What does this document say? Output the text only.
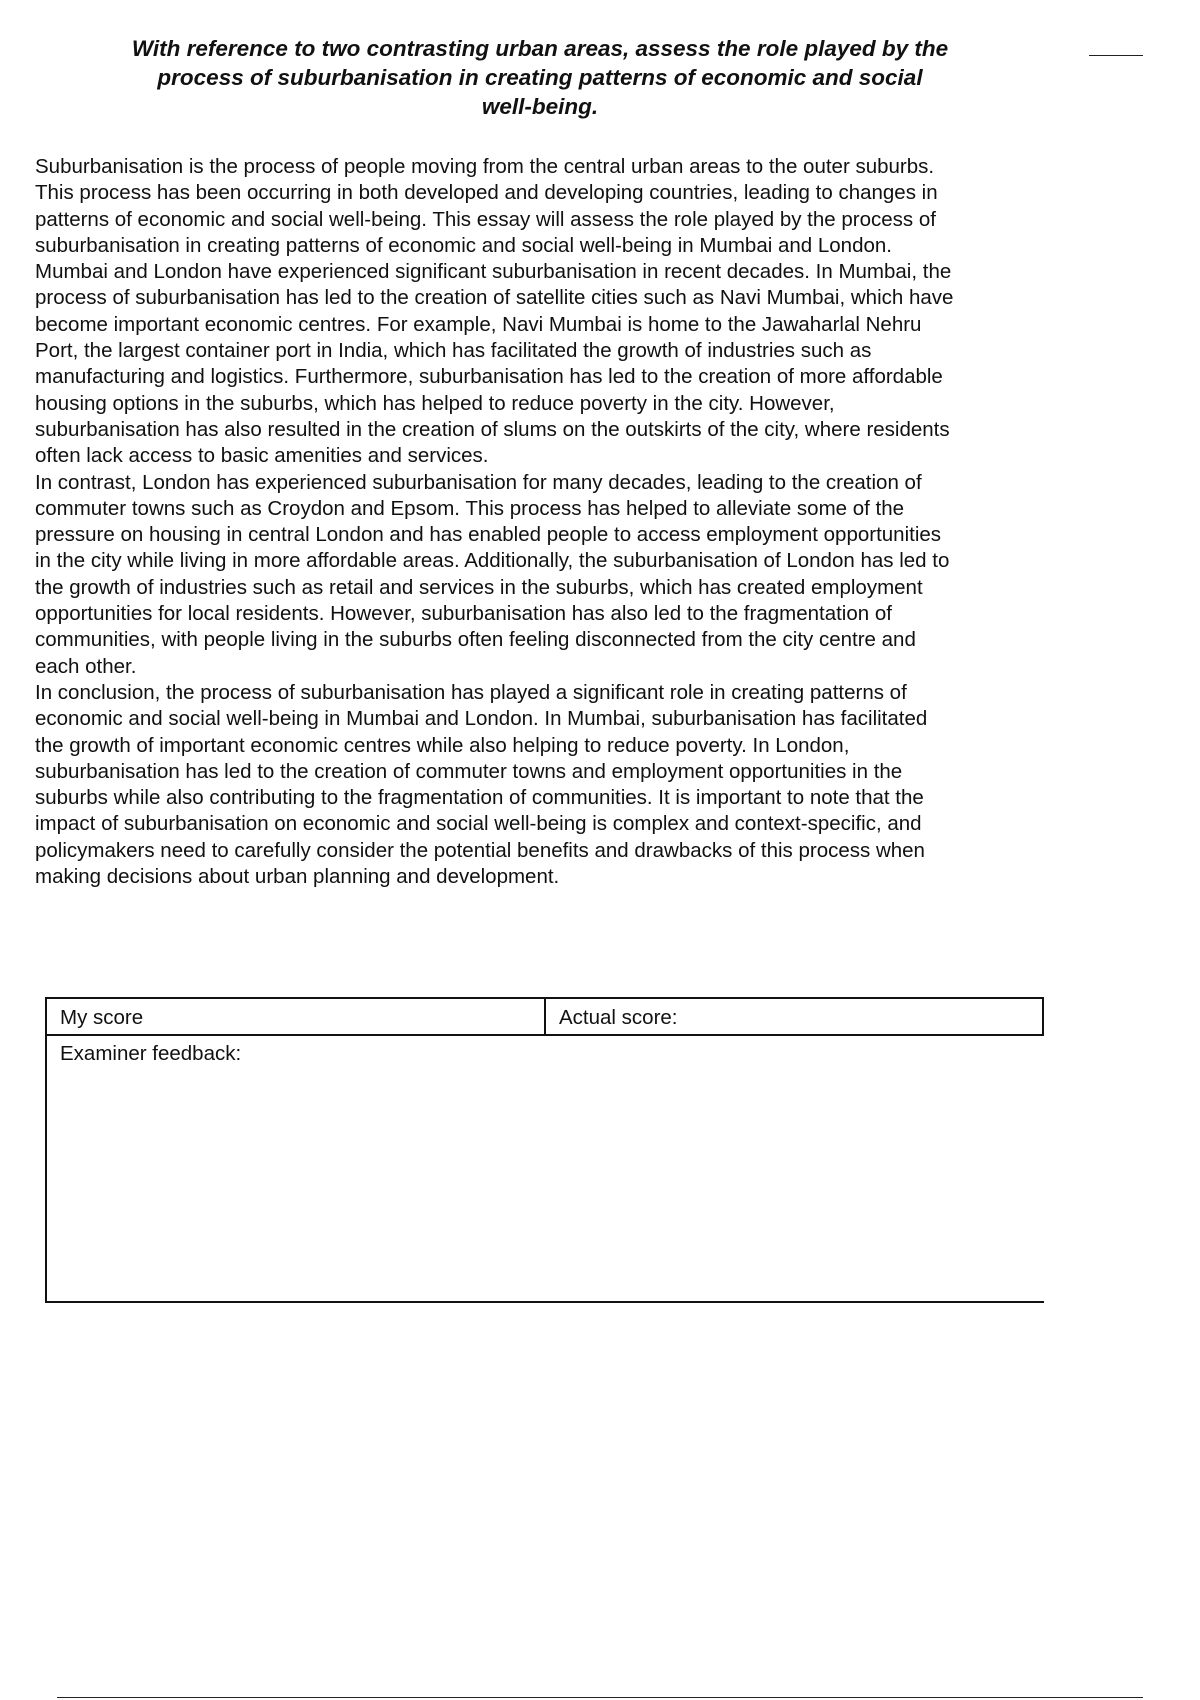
With reference to two contrasting urban areas, assess the role played by the process of suburbanisation in creating patterns of economic and social well-being.

Suburbanisation is the process of people moving from the central urban areas to the outer suburbs. This process has been occurring in both developed and developing countries, leading to changes in patterns of economic and social well-being. This essay will assess the role played by the process of suburbanisation in creating patterns of economic and social well-being in Mumbai and London.

Mumbai and London have experienced significant suburbanisation in recent decades. In Mumbai, the process of suburbanisation has led to the creation of satellite cities such as Navi Mumbai, which have become important economic centres. For example, Navi Mumbai is home to the Jawaharlal Nehru Port, the largest container port in India, which has facilitated the growth of industries such as manufacturing and logistics. Furthermore, suburbanisation has led to the creation of more affordable housing options in the suburbs, which has helped to reduce poverty in the city. However, suburbanisation has also resulted in the creation of slums on the outskirts of the city, where residents often lack access to basic amenities and services.

In contrast, London has experienced suburbanisation for many decades, leading to the creation of commuter towns such as Croydon and Epsom. This process has helped to alleviate some of the pressure on housing in central London and has enabled people to access employment opportunities in the city while living in more affordable areas. Additionally, the suburbanisation of London has led to the growth of industries such as retail and services in the suburbs, which has created employment opportunities for local residents. However, suburbanisation has also led to the fragmentation of communities, with people living in the suburbs often feeling disconnected from the city centre and each other.

In conclusion, the process of suburbanisation has played a significant role in creating patterns of economic and social well-being in Mumbai and London. In Mumbai, suburbanisation has facilitated the growth of important economic centres while also helping to reduce poverty. In London, suburbanisation has led to the creation of commuter towns and employment opportunities in the suburbs while also contributing to the fragmentation of communities. It is important to note that the impact of suburbanisation on economic and social well-being is complex and context-specific, and policymakers need to carefully consider the potential benefits and drawbacks of this process when making decisions about urban planning and development.

My score	Actual score:
Examiner feedback:
